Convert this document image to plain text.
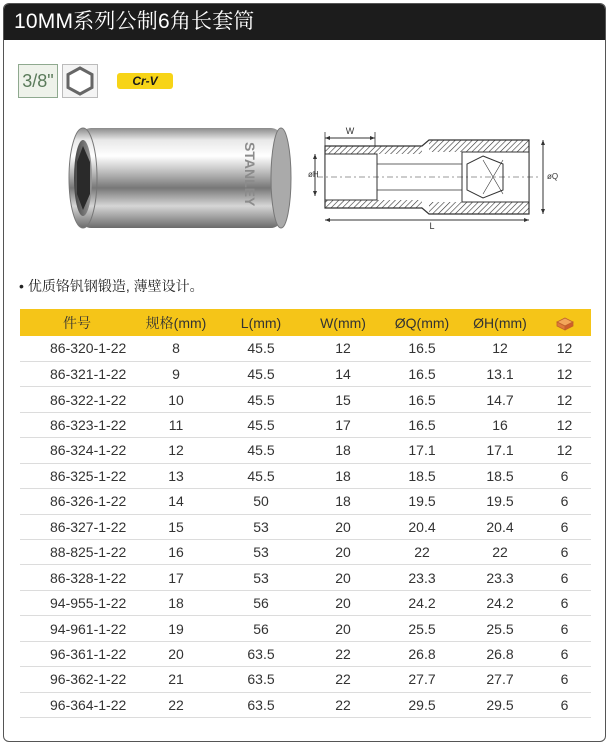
10MM系列公制6角长套筒
3/8"	Cr-V
STANLEY
W
øH	øQ
L
• 优质铬钒钢锻造, 薄壁设计。
件号	规格(mm)	L(mm)	W(mm)	ØQ(mm)	ØH(mm)	
86-320-1-22	8	45.5	12	16.5	12	12
86-321-1-22	9	45.5	14	16.5	13.1	12
86-322-1-22	10	45.5	15	16.5	14.7	12
86-323-1-22	11	45.5	17	16.5	16	12
86-324-1-22	12	45.5	18	17.1	17.1	12
86-325-1-22	13	45.5	18	18.5	18.5	6
86-326-1-22	14	50	18	19.5	19.5	6
86-327-1-22	15	53	20	20.4	20.4	6
88-825-1-22	16	53	20	22	22	6
86-328-1-22	17	53	20	23.3	23.3	6
94-955-1-22	18	56	20	24.2	24.2	6
94-961-1-22	19	56	20	25.5	25.5	6
96-361-1-22	20	63.5	22	26.8	26.8	6
96-362-1-22	21	63.5	22	27.7	27.7	6
96-364-1-22	22	63.5	22	29.5	29.5	6
